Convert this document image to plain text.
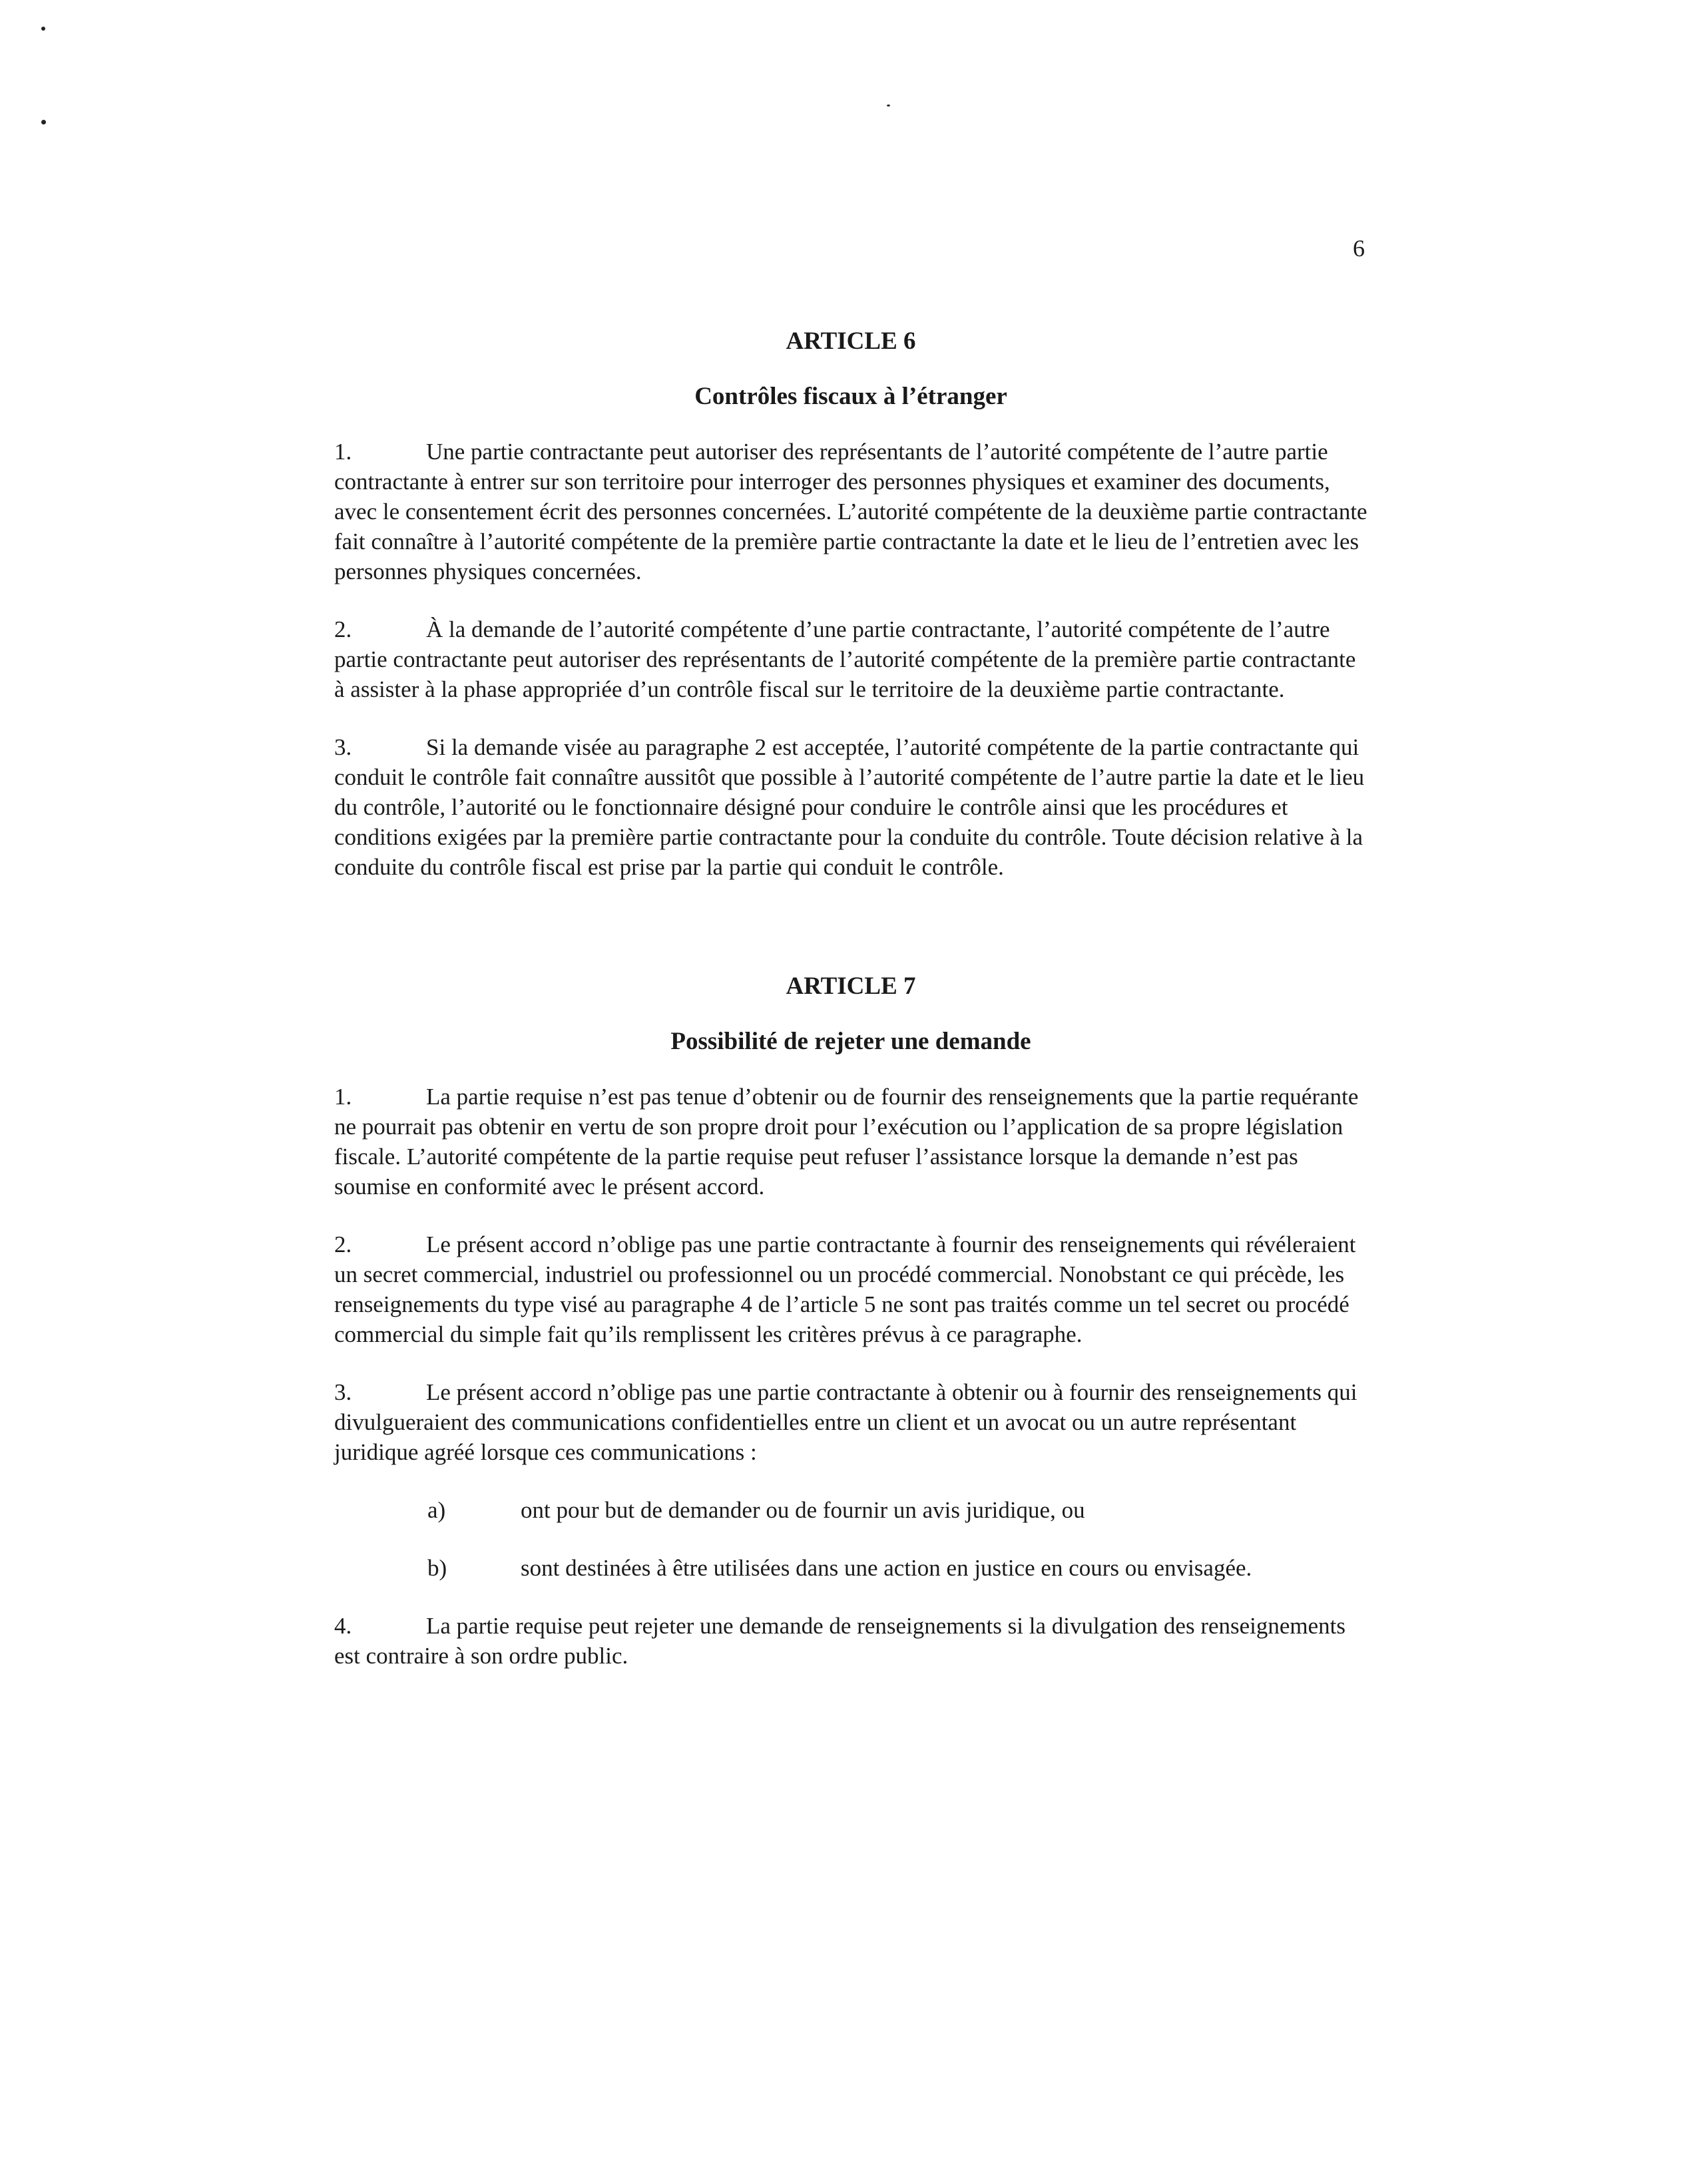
6
ARTICLE 6
Contrôles fiscaux à l’étranger

1.	Une partie contractante peut autoriser des représentants de l’autorité compétente de l’autre partie contractante à entrer sur son territoire pour interroger des personnes physiques et examiner des documents, avec le consentement écrit des personnes concernées. L’autorité compétente de la deuxième partie contractante fait connaître à l’autorité compétente de la première partie contractante la date et le lieu de l’entretien avec les personnes physiques concernées.

2.	À la demande de l’autorité compétente d’une partie contractante, l’autorité compétente de l’autre partie contractante peut autoriser des représentants de l’autorité compétente de la première partie contractante à assister à la phase appropriée d’un contrôle fiscal sur le territoire de la deuxième partie contractante.

3.	Si la demande visée au paragraphe 2 est acceptée, l’autorité compétente de la partie contractante qui conduit le contrôle fait connaître aussitôt que possible à l’autorité compétente de l’autre partie la date et le lieu du contrôle, l’autorité ou le fonctionnaire désigné pour conduire le contrôle ainsi que les procédures et conditions exigées par la première partie contractante pour la conduite du contrôle. Toute décision relative à la conduite du contrôle fiscal est prise par la partie qui conduit le contrôle.

ARTICLE 7
Possibilité de rejeter une demande

1.	La partie requise n’est pas tenue d’obtenir ou de fournir des renseignements que la partie requérante ne pourrait pas obtenir en vertu de son propre droit pour l’exécution ou l’application de sa propre législation fiscale. L’autorité compétente de la partie requise peut refuser l’assistance lorsque la demande n’est pas soumise en conformité avec le présent accord.

2.	Le présent accord n’oblige pas une partie contractante à fournir des renseignements qui révéleraient un secret commercial, industriel ou professionnel ou un procédé commercial. Nonobstant ce qui précède, les renseignements du type visé au paragraphe 4 de l’article 5 ne sont pas traités comme un tel secret ou procédé commercial du simple fait qu’ils remplissent les critères prévus à ce paragraphe.

3.	Le présent accord n’oblige pas une partie contractante à obtenir ou à fournir des renseignements qui divulgueraient des communications confidentielles entre un client et un avocat ou un autre représentant juridique agréé lorsque ces communications :

a)	ont pour but de demander ou de fournir un avis juridique, ou
b)	sont destinées à être utilisées dans une action en justice en cours ou envisagée.

4.	La partie requise peut rejeter une demande de renseignements si la divulgation des renseignements est contraire à son ordre public.
